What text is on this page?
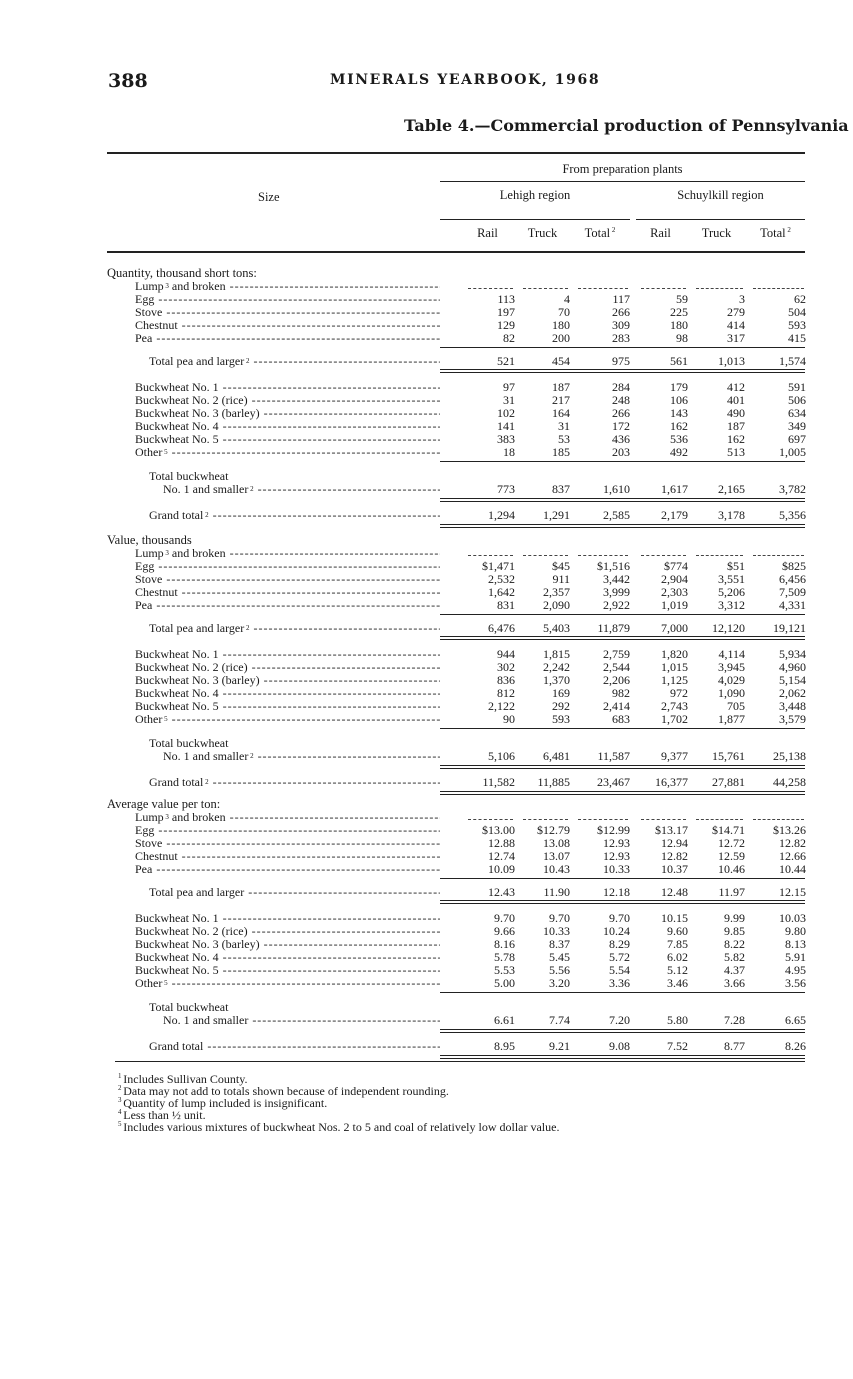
388	MINERALS YEARBOOK, 1968
Table 4.—Commercial production of Pennsylvania
Size
From preparation plants
Lehigh region	Schuylkill region
Rail	Truck	Total $^2$	Rail	Truck	Total $^2$
Quantity, thousand short tons:
Lump $^3$ and broken -----
Egg -----	113	4	117	59	3	62
Stove -----	197	70	266	225	279	504
Chestnut -----	129	180	309	180	414	593
Pea -----	82	200	283	98	317	415
Total pea and larger $^2$ -----	521	454	975	561	1,013	1,574
Buckwheat No. 1 -----	97	187	284	179	412	591
Buckwheat No. 2 (rice) -----	31	217	248	106	401	506
Buckwheat No. 3 (barley) -----	102	164	266	143	490	634
Buckwheat No. 4 -----	141	31	172	162	187	349
Buckwheat No. 5 -----	383	53	436	536	162	697
Other $^5$ -----	18	185	203	492	513	1,005
Total buckwheat
No. 1 and smaller $^2$ -----	773	837	1,610	1,617	2,165	3,782
Grand total $^2$ -----	1,294	1,291	2,585	2,179	3,178	5,356
Value, thousands
Lump $^3$ and broken -----
Egg -----	$1,471	$45	$1,516	$774	$51	$825
Stove -----	2,532	911	3,442	2,904	3,551	6,456
Chestnut -----	1,642	2,357	3,999	2,303	5,206	7,509
Pea -----	831	2,090	2,922	1,019	3,312	4,331
Total pea and larger $^2$ -----	6,476	5,403	11,879	7,000	12,120	19,121
Buckwheat No. 1 -----	944	1,815	2,759	1,820	4,114	5,934
Buckwheat No. 2 (rice) -----	302	2,242	2,544	1,015	3,945	4,960
Buckwheat No. 3 (barley) -----	836	1,370	2,206	1,125	4,029	5,154
Buckwheat No. 4 -----	812	169	982	972	1,090	2,062
Buckwheat No. 5 -----	2,122	292	2,414	2,743	705	3,448
Other $^5$ -----	90	593	683	1,702	1,877	3,579
Total buckwheat
No. 1 and smaller $^2$ -----	5,106	6,481	11,587	9,377	15,761	25,138
Grand total $^2$ -----	11,582	11,885	23,467	16,377	27,881	44,258
Average value per ton:
Lump $^3$ and broken -----
Egg -----	$13.00	$12.79	$12.99	$13.17	$14.71	$13.26
Stove -----	12.88	13.08	12.93	12.94	12.72	12.82
Chestnut -----	12.74	13.07	12.93	12.82	12.59	12.66
Pea -----	10.09	10.43	10.33	10.37	10.46	10.44
Total pea and larger -----	12.43	11.90	12.18	12.48	11.97	12.15
Buckwheat No. 1 -----	9.70	9.70	9.70	10.15	9.99	10.03
Buckwheat No. 2 (rice) -----	9.66	10.33	10.24	9.60	9.85	9.80
Buckwheat No. 3 (barley) -----	8.16	8.37	8.29	7.85	8.22	8.13
Buckwheat No. 4 -----	5.78	5.45	5.72	6.02	5.82	5.91
Buckwheat No. 5 -----	5.53	5.56	5.54	5.12	4.37	4.95
Other $^5$ -----	5.00	3.20	3.36	3.46	3.66	3.56
Total buckwheat
No. 1 and smaller -----	6.61	7.74	7.20	5.80	7.28	6.65
Grand total -----	8.95	9.21	9.08	7.52	8.77	8.26
$^1$ Includes Sullivan County.
$^2$ Data may not add to totals shown because of independent rounding.
$^3$ Quantity of lump included is insignificant.
$^4$ Less than ½ unit.
$^5$ Includes various mixtures of buckwheat Nos. 2 to 5 and coal of relatively low dollar value.
